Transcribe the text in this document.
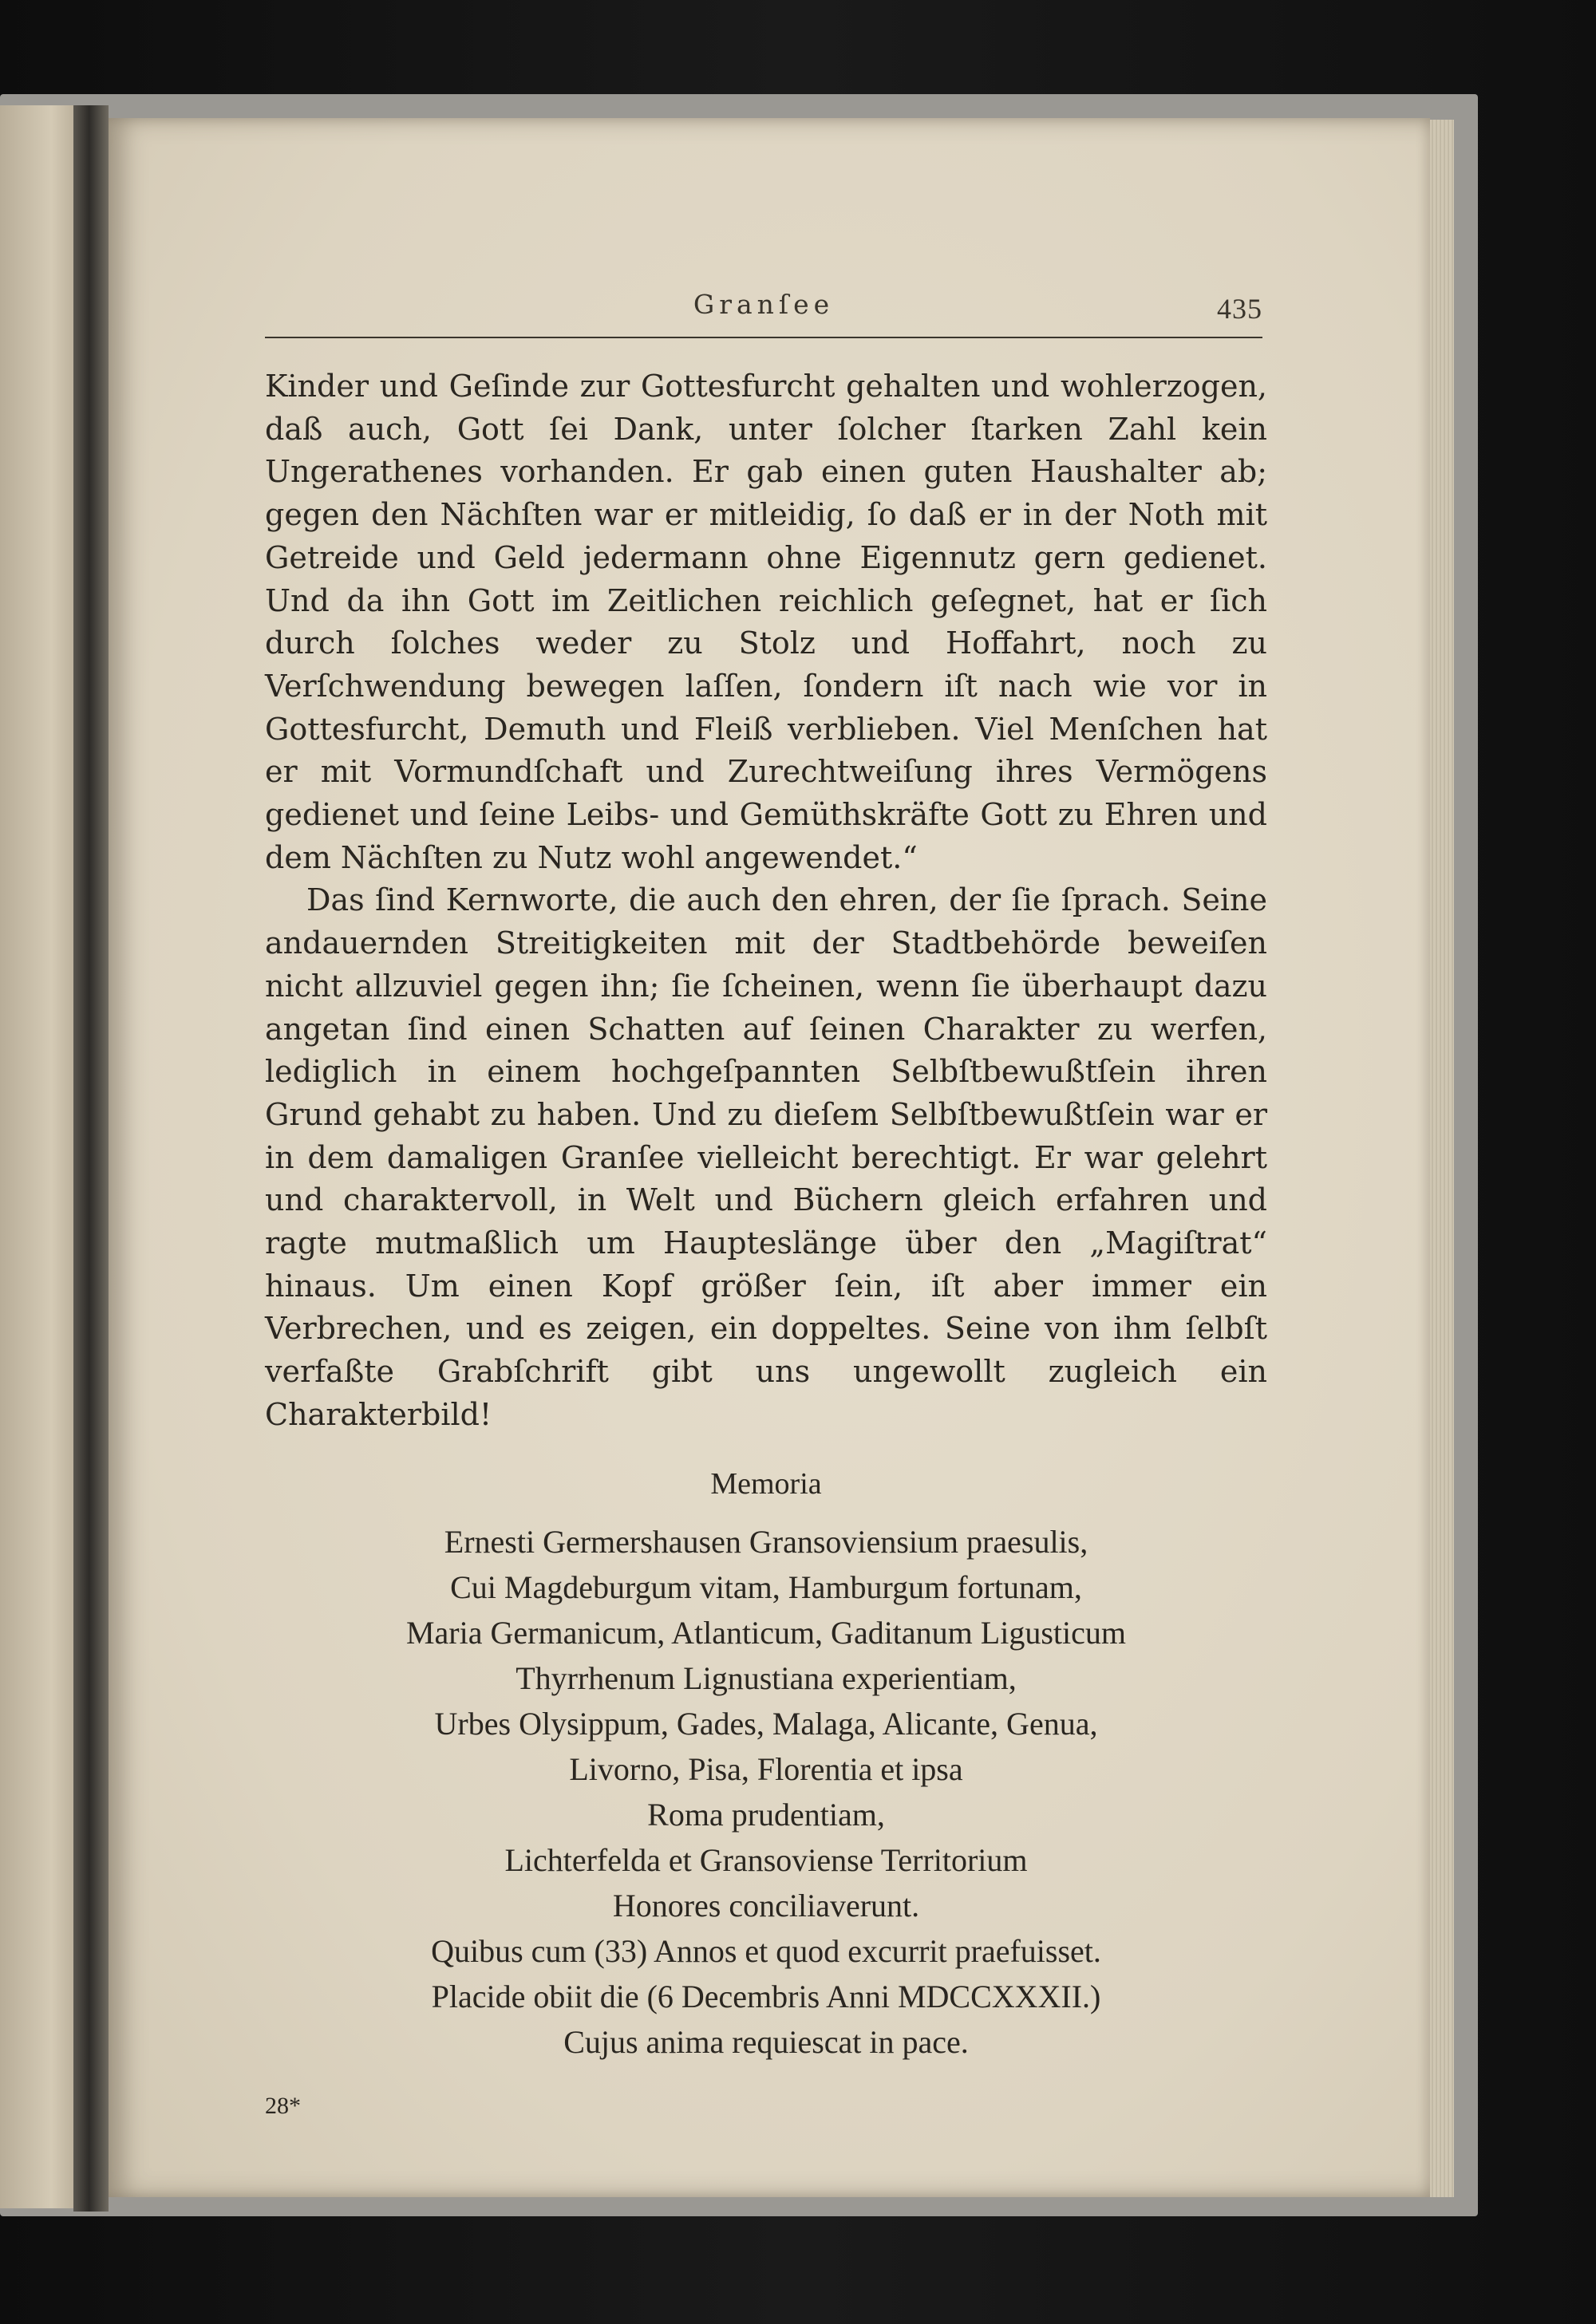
Granſee	435

Kinder und Geſinde zur Gottesfurcht gehalten und wohlerzogen, daß auch, Gott ſei Dank, unter ſolcher ſtarken Zahl kein Ungerathenes vorhanden. Er gab einen guten Haushalter ab; gegen den Nächſten war er mitleidig, ſo daß er in der Noth mit Getreide und Geld jedermann ohne Eigennutz gern gedienet. Und da ihn Gott im Zeitlichen reichlich geſegnet, hat er ſich durch ſolches weder zu Stolz und Hoffahrt, noch zu Verſchwendung bewegen laſſen, ſondern iſt nach wie vor in Gottesfurcht, Demuth und Fleiß verblieben. Viel Menſchen hat er mit Vormundſchaft und Zurechtweiſung ihres Vermögens gedienet und ſeine Leibs- und Gemüthskräfte Gott zu Ehren und dem Nächſten zu Nutz wohl angewendet.“

Das ſind Kernworte, die auch den ehren, der ſie ſprach. Seine andauernden Streitigkeiten mit der Stadtbehörde beweiſen nicht allzuviel gegen ihn; ſie ſcheinen, wenn ſie überhaupt dazu angetan ſind einen Schatten auf ſeinen Charakter zu werfen, lediglich in einem hochgeſpannten Selbſtbewußtſein ihren Grund gehabt zu haben. Und zu dieſem Selbſtbewußtſein war er in dem damaligen Granſee vielleicht berechtigt. Er war gelehrt und charaktervoll, in Welt und Büchern gleich erfahren und ragte mutmaßlich um Haupteslänge über den „Magiſtrat“ hinaus. Um einen Kopf größer ſein, iſt aber immer ein Verbrechen, und es zeigen, ein doppeltes. Seine von ihm ſelbſt verfaßte Grabſchrift gibt uns ungewollt zugleich ein Charakterbild!

Memoria
Ernesti Germershausen Gransoviensium praesulis,
Cui Magdeburgum vitam, Hamburgum fortunam,
Maria Germanicum, Atlanticum, Gaditanum Ligusticum
Thyrrhenum Lignustiana experientiam,
Urbes Olysippum, Gades, Malaga, Alicante, Genua,
Livorno, Pisa, Florentia et ipsa
Roma prudentiam,
Lichterfelda et Gransoviense Territorium
Honores conciliaverunt.
Quibus cum (33) Annos et quod excurrit praefuisset.
Placide obiit die (6 Decembris Anni MDCCXXXII.)
Cujus anima requiescat in pace.
28*
